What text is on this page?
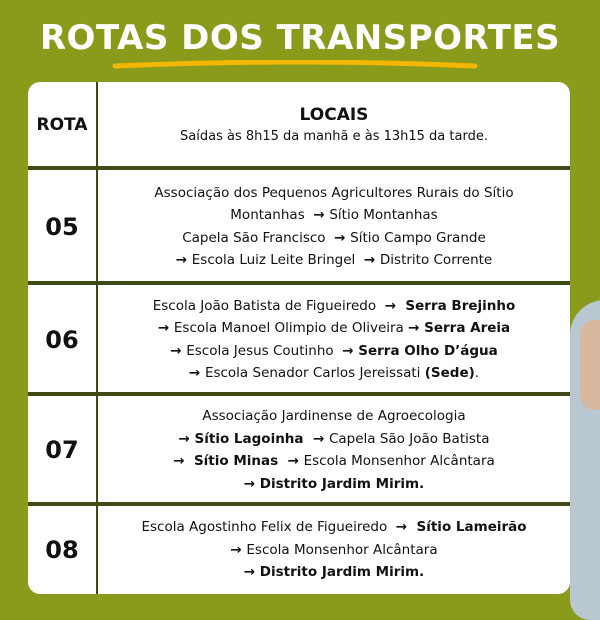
ROTAS DOS TRANSPORTES
ROTA	LOCAIS
Saídas às 8h15 da manhã e às 13h15 da tarde.
05
Associação dos Pequenos Agricultores Rurais do Sítio
Montanhas  → Sítio Montanhas
Capela São Francisco  → Sítio Campo Grande
→ Escola Luiz Leite Bringel  → Distrito Corrente
06
Escola João Batista de Figueiredo  →  Serra Brejinho
→ Escola Manoel Olimpio de Oliveira → Serra Areia
→ Escola Jesus Coutinho  → Serra Olho D’água
→ Escola Senador Carlos Jereissati (Sede).
07
Associação Jardinense de Agroecologia
→ Sítio Lagoinha  → Capela São João Batista
→  Sítio Minas  → Escola Monsenhor Alcântara
→ Distrito Jardim Mirim.
08
Escola Agostinho Felix de Figueiredo  →  Sítio Lameirão
→ Escola Monsenhor Alcântara
→ Distrito Jardim Mirim.
